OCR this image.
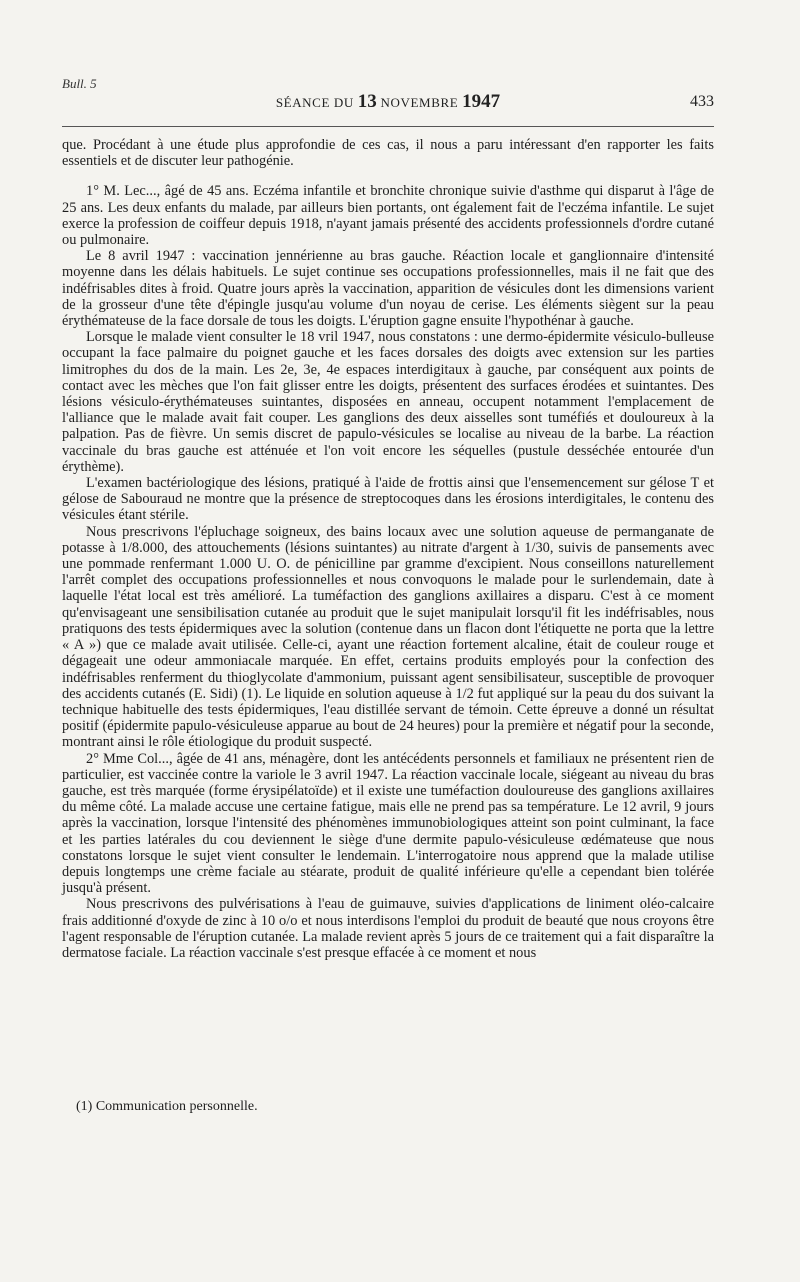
Bull. 5
SÉANCE DU 13 NOVEMBRE 1947	433

que. Procédant à une étude plus approfondie de ces cas, il nous a paru intéressant d'en rapporter les faits essentiels et de discuter leur pathogénie.

1° M. Lec..., âgé de 45 ans. Eczéma infantile et bronchite chronique suivie d'asthme qui disparut à l'âge de 25 ans. Les deux enfants du malade, par ailleurs bien portants, ont également fait de l'eczéma infantile. Le sujet exerce la profession de coiffeur depuis 1918, n'ayant jamais présenté des accidents professionnels d'ordre cutané ou pulmonaire.

Le 8 avril 1947 : vaccination jennérienne au bras gauche. Réaction locale et ganglionnaire d'intensité moyenne dans les délais habituels. Le sujet continue ses occupations professionnelles, mais il ne fait que des indéfrisables dites à froid. Quatre jours après la vaccination, apparition de vésicules dont les dimensions varient de la grosseur d'une tête d'épingle jusqu'au volume d'un noyau de cerise. Les éléments siègent sur la peau érythémateuse de la face dorsale de tous les doigts. L'éruption gagne ensuite l'hypothénar à gauche.

Lorsque le malade vient consulter le 18 vril 1947, nous constatons : une dermo-épidermite vésiculo-bulleuse occupant la face palmaire du poignet gauche et les faces dorsales des doigts avec extension sur les parties limitrophes du dos de la main. Les 2e, 3e, 4e espaces interdigitaux à gauche, par conséquent aux points de contact avec les mèches que l'on fait glisser entre les doigts, présentent des surfaces érodées et suintantes. Des lésions vésiculo-érythémateuses suintantes, disposées en anneau, occupent notamment l'emplacement de l'alliance que le malade avait fait couper. Les ganglions des deux aisselles sont tuméfiés et douloureux à la palpation. Pas de fièvre. Un semis discret de papulo-vésicules se localise au niveau de la barbe. La réaction vaccinale du bras gauche est atténuée et l'on voit encore les séquelles (pustule desséchée entourée d'un érythème).

L'examen bactériologique des lésions, pratiqué à l'aide de frottis ainsi que l'ensemencement sur gélose T et gélose de Sabouraud ne montre que la présence de streptocoques dans les érosions interdigitales, le contenu des vésicules étant stérile.

Nous prescrivons l'épluchage soigneux, des bains locaux avec une solution aqueuse de permanganate de potasse à 1/8.000, des attouchements (lésions suintantes) au nitrate d'argent à 1/30, suivis de pansements avec une pommade renfermant 1.000 U. O. de pénicilline par gramme d'excipient. Nous conseillons naturellement l'arrêt complet des occupations professionnelles et nous convoquons le malade pour le surlendemain, date à laquelle l'état local est très amélioré. La tuméfaction des ganglions axillaires a disparu. C'est à ce moment qu'envisageant une sensibilisation cutanée au produit que le sujet manipulait lorsqu'il fit les indéfrisables, nous pratiquons des tests épidermiques avec la solution (contenue dans un flacon dont l'étiquette ne porta que la lettre « A ») que ce malade avait utilisée. Celle-ci, ayant une réaction fortement alcaline, était de couleur rouge et dégageait une odeur ammoniacale marquée. En effet, certains produits employés pour la confection des indéfrisables renferment du thioglycolate d'ammonium, puissant agent sensibilisateur, susceptible de provoquer des accidents cutanés (E. Sidi) (1). Le liquide en solution aqueuse à 1/2 fut appliqué sur la peau du dos suivant la technique habituelle des tests épidermiques, l'eau distillée servant de témoin. Cette épreuve a donné un résultat positif (épidermite papulo-vésiculeuse apparue au bout de 24 heures) pour la première et négatif pour la seconde, montrant ainsi le rôle étiologique du produit suspecté.

2° Mme Col..., âgée de 41 ans, ménagère, dont les antécédents personnels et familiaux ne présentent rien de particulier, est vaccinée contre la variole le 3 avril 1947. La réaction vaccinale locale, siégeant au niveau du bras gauche, est très marquée (forme érysipélatoïde) et il existe une tuméfaction douloureuse des ganglions axillaires du même côté. La malade accuse une certaine fatigue, mais elle ne prend pas sa température. Le 12 avril, 9 jours après la vaccination, lorsque l'intensité des phénomènes immunobiologiques atteint son point culminant, la face et les parties latérales du cou deviennent le siège d'une dermite papulo-vésiculeuse œdémateuse que nous constatons lorsque le sujet vient consulter le lendemain. L'interrogatoire nous apprend que la malade utilise depuis longtemps une crème faciale au stéarate, produit de qualité inférieure qu'elle a cependant bien tolérée jusqu'à présent.

Nous prescrivons des pulvérisations à l'eau de guimauve, suivies d'applications de liniment oléo-calcaire frais additionné d'oxyde de zinc à 10 o/o et nous interdisons l'emploi du produit de beauté que nous croyons être l'agent responsable de l'éruption cutanée. La malade revient après 5 jours de ce traitement qui a fait disparaître la dermatose faciale. La réaction vaccinale s'est presque effacée à ce moment et nous

(1) Communication personnelle.
